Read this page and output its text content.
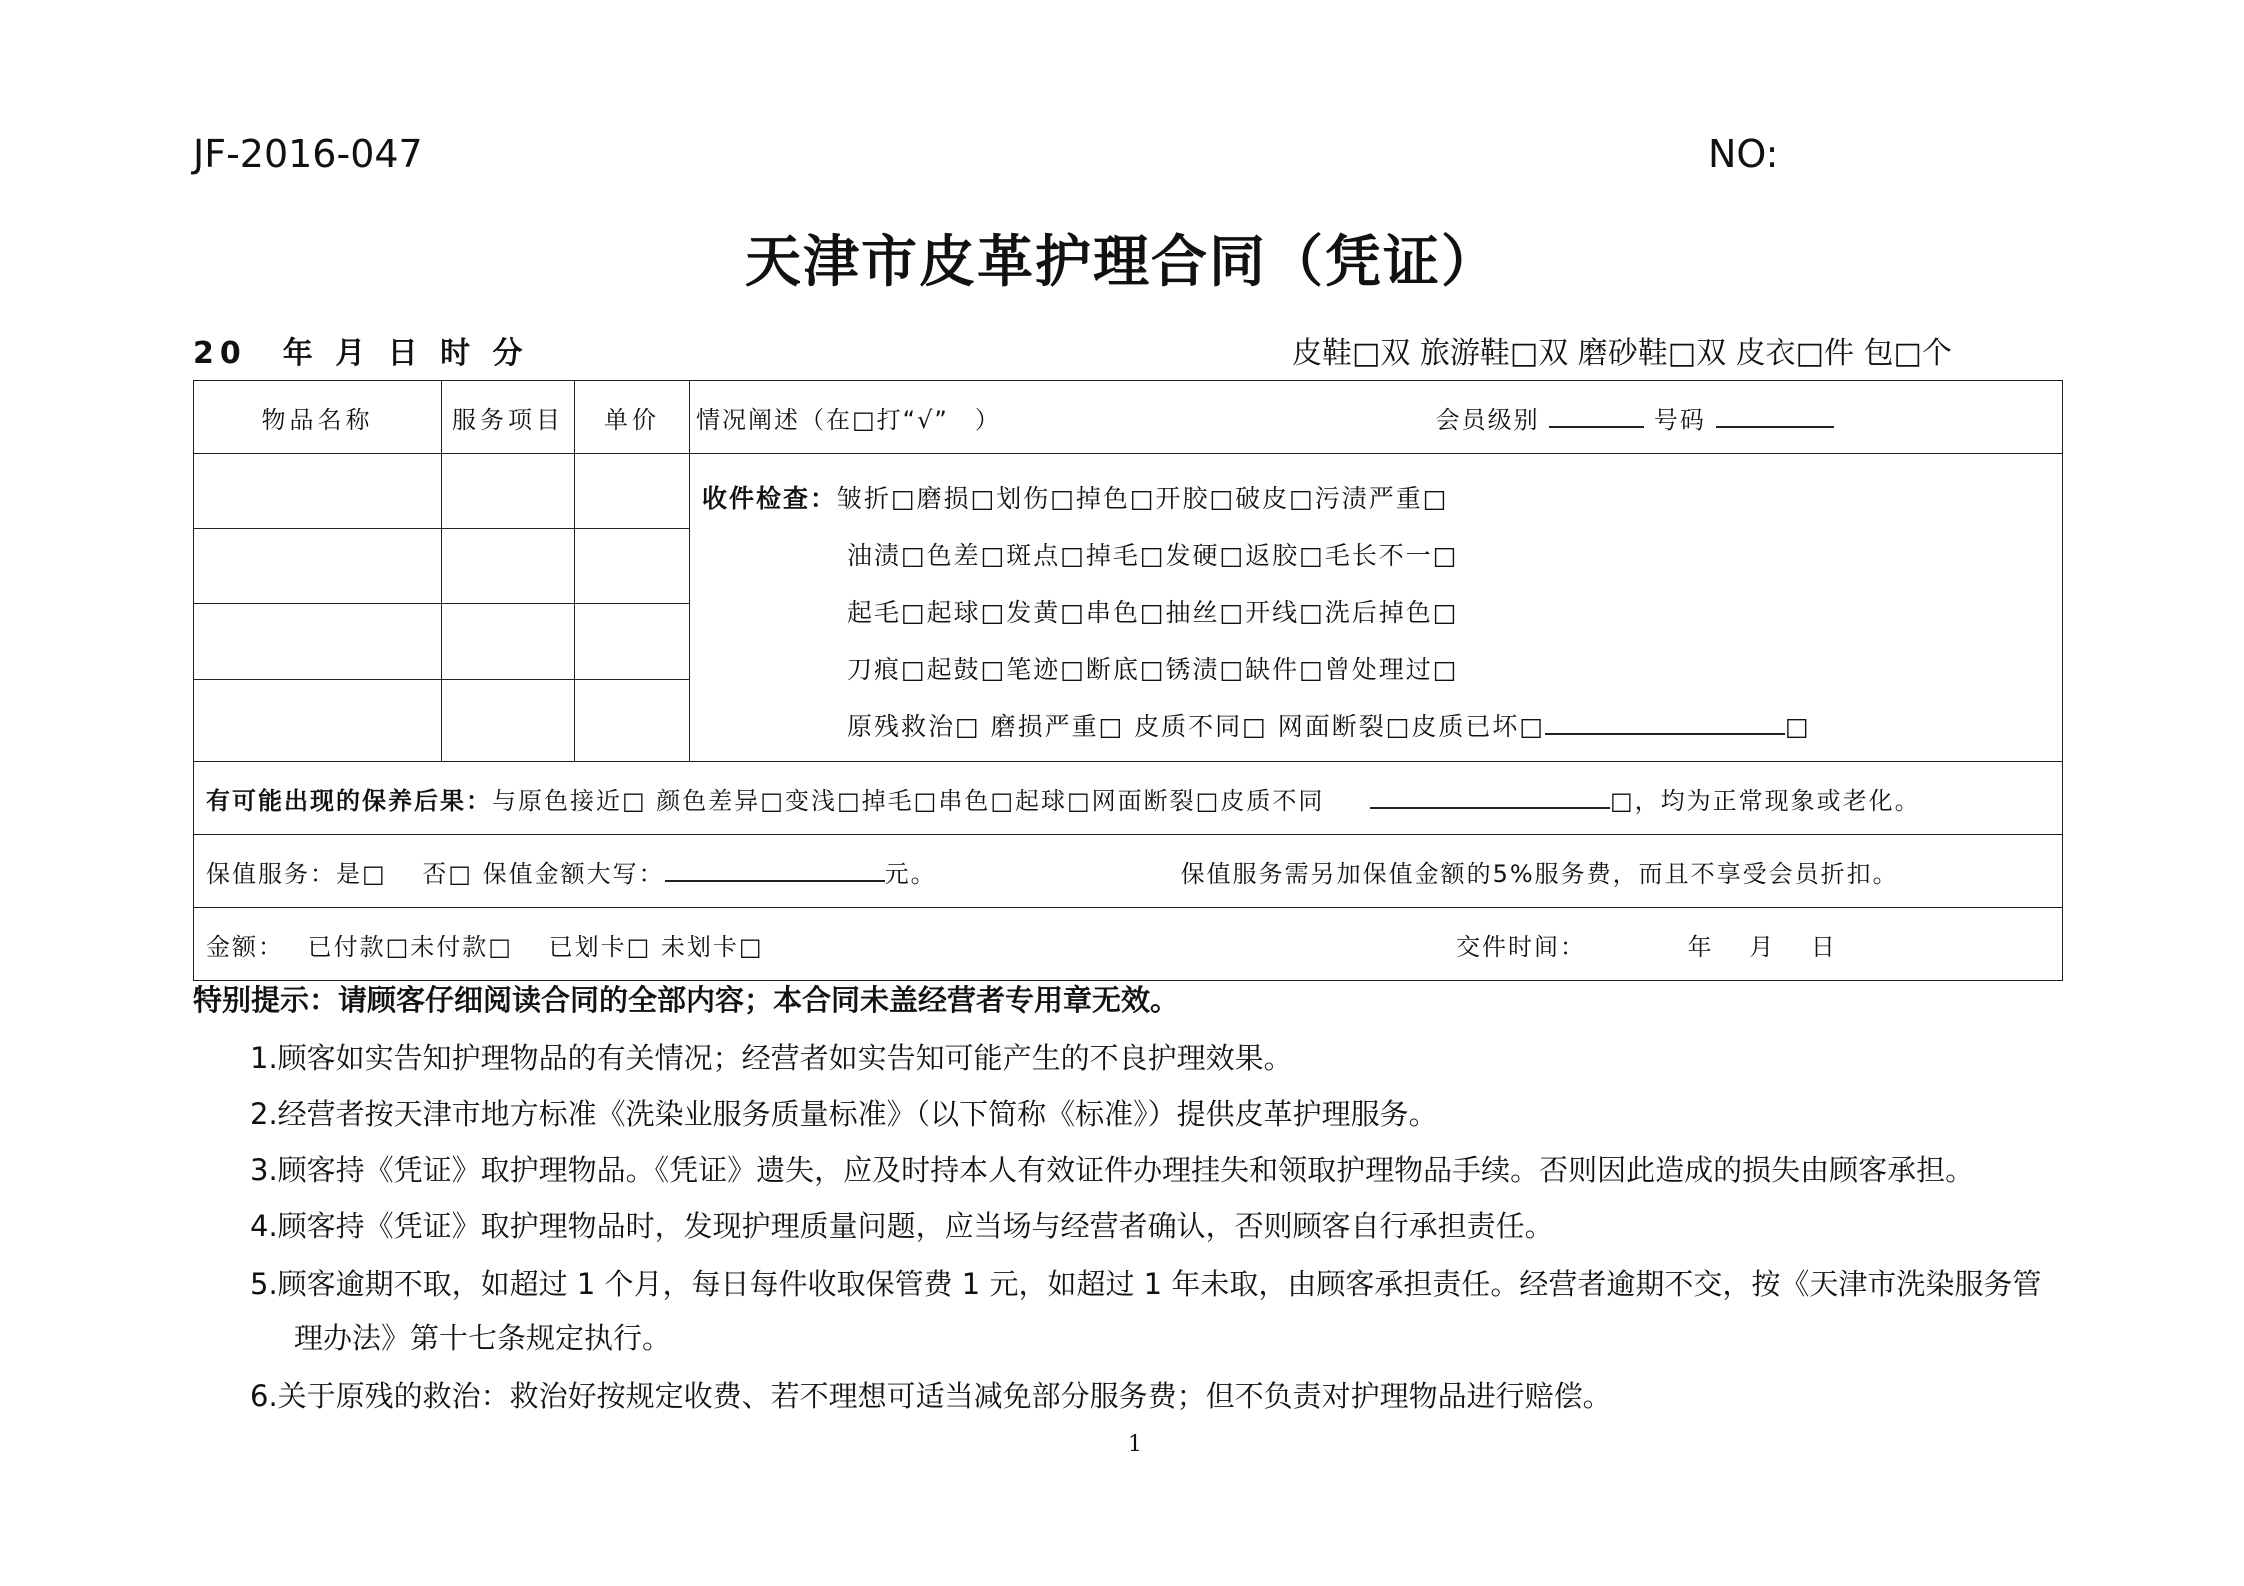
JF-2016-047	NO:
天津市皮革护理合同（凭证）
20　年 月 日 时 分	皮鞋□双 旅游鞋□双 磨砂鞋□双 皮衣□件 包□个
物品名称	服务项目	单价	情况阐述（在□打“√”　） 会员级别 号码

			收件检查：皱折□磨损□划伤□掉色□开胶□破皮□污渍严重□
油渍□色差□斑点□掉毛□发硬□返胶□毛长不一□
起毛□起球□发黄□串色□抽丝□开线□洗后掉色□
刀痕□起鼓□笔迹□断底□锈渍□缺件□曾处理过□
原残救治□ 磨损严重□ 皮质不同□ 网面断裂□皮质已坏□ □

有可能出现的保养后果：与原色接近□ 颜色差异□变浅□掉毛□串色□起球□网面断裂□皮质不同 □，均为正常现象或老化。			
保值服务：是□　 否□ 保值金额大写： 元。 保值服务需另加保值金额的5%服务费，而且不享受会员折扣。			
金额：　 已付款□未付款□　 已划卡□ 未划卡□ 交件时间：　　　　 年　 月　 日			
特别提示：请顾客仔细阅读合同的全部内容；本合同未盖经营者专用章无效。
1.顾客如实告知护理物品的有关情况；经营者如实告知可能产生的不良护理效果。
2.经营者按天津市地方标准《洗染业服务质量标准》（以下简称《标准》）提供皮革护理服务。
3.顾客持《凭证》取护理物品。《凭证》遗失，应及时持本人有效证件办理挂失和领取护理物品手续。否则因此造成的损失由顾客承担。
4.顾客持《凭证》取护理物品时，发现护理质量问题，应当场与经营者确认，否则顾客自行承担责任。
5.顾客逾期不取，如超过 1 个月，每日每件收取保管费 1 元，如超过 1 年未取，由顾客承担责任。经营者逾期不交，按《天津市洗染服务管
理办法》第十七条规定执行。
6.关于原残的救治：救治好按规定收费、若不理想可适当减免部分服务费；但不负责对护理物品进行赔偿。
1
